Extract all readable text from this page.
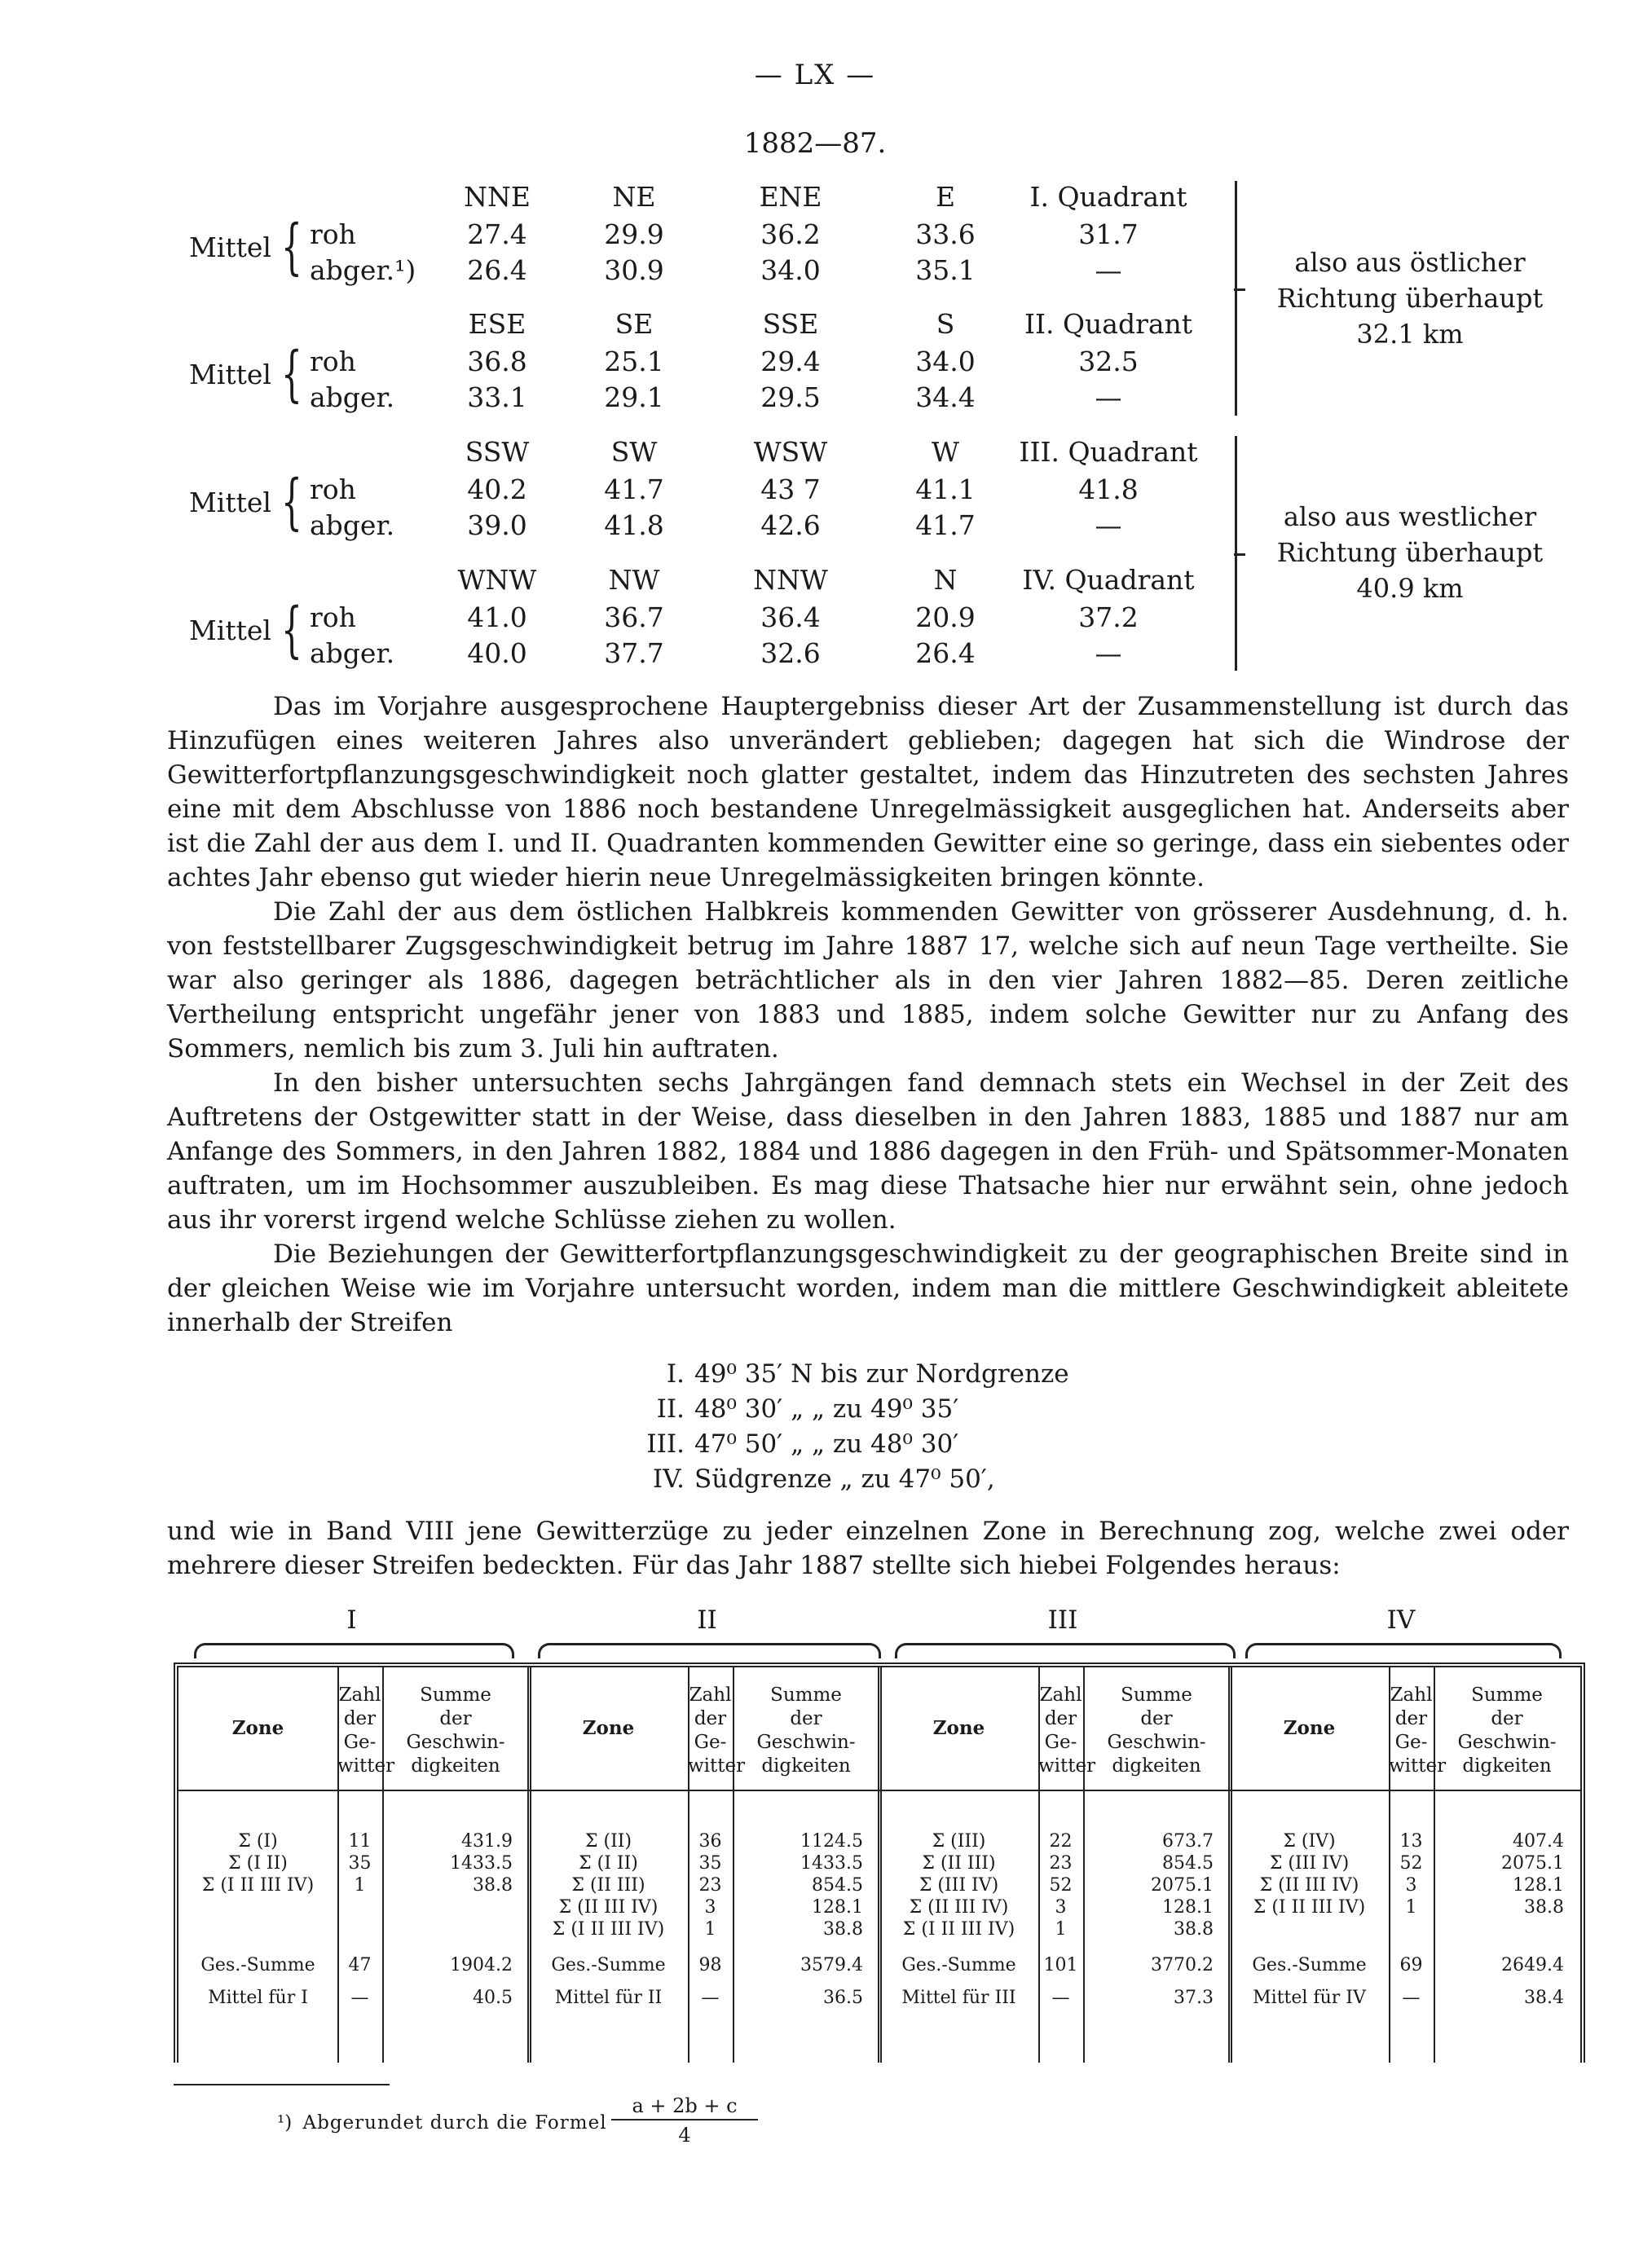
— LX —
1882—87.
NNE	NE	ENE	E	I. Quadrant
Mittel { roh	27.4	29.9	36.2	33.6	31.7
abger.¹)	26.4	30.9	34.0	35.1	—
ESE	SE	SSE	S	II. Quadrant
Mittel { roh	36.8	25.1	29.4	34.0	32.5
abger.	33.1	29.1	29.5	34.4	—
SSW	SW	WSW	W	III. Quadrant
Mittel { roh	40.2	41.7	43 7	41.1	41.8
abger.	39.0	41.8	42.6	41.7	—
WNW	NW	NNW	N	IV. Quadrant
Mittel { roh	41.0	36.7	36.4	20.9	37.2
abger.	40.0	37.7	32.6	26.4	—
also aus östlicher
Richtung überhaupt
32.1 km
also aus westlicher
Richtung überhaupt
40.9 km

Das im Vorjahre ausgesprochene Hauptergebniss dieser Art der Zusammenstellung ist durch das Hinzufügen eines weiteren Jahres also unverändert geblieben; dagegen hat sich die Windrose der Gewitterfortpflanzungsgeschwindigkeit noch glatter gestaltet, indem das Hinzutreten des sechsten Jahres eine mit dem Abschlusse von 1886 noch bestandene Unregelmässigkeit ausgeglichen hat. Anderseits aber ist die Zahl der aus dem I. und II. Quadranten kommenden Gewitter eine so geringe, dass ein siebentes oder achtes Jahr ebenso gut wieder hierin neue Unregelmässigkeiten bringen könnte.

Die Zahl der aus dem östlichen Halbkreis kommenden Gewitter von grösserer Ausdehnung, d. h. von feststellbarer Zugsgeschwindigkeit betrug im Jahre 1887 17, welche sich auf neun Tage vertheilte. Sie war also geringer als 1886, dagegen beträchtlicher als in den vier Jahren 1882—85. Deren zeitliche Vertheilung entspricht ungefähr jener von 1883 und 1885, indem solche Gewitter nur zu Anfang des Sommers, nemlich bis zum 3. Juli hin auftraten.

In den bisher untersuchten sechs Jahrgängen fand demnach stets ein Wechsel in der Zeit des Auftretens der Ostgewitter statt in der Weise, dass dieselben in den Jahren 1883, 1885 und 1887 nur am Anfange des Sommers, in den Jahren 1882, 1884 und 1886 dagegen in den Früh- und Spätsommer-Monaten auftraten, um im Hochsommer auszubleiben. Es mag diese Thatsache hier nur erwähnt sein, ohne jedoch aus ihr vorerst irgend welche Schlüsse ziehen zu wollen.

Die Beziehungen der Gewitterfortpflanzungsgeschwindigkeit zu der geographischen Breite sind in der gleichen Weise wie im Vorjahre untersucht worden, indem man die mittlere Geschwindigkeit ableitete innerhalb der Streifen

I. 49⁰ 35′ N bis zur Nordgrenze
II. 48⁰ 30′ „ „ zu 49⁰ 35′
III. 47⁰ 50′ „ „ zu 48⁰ 30′
IV. Südgrenze „ zu 47⁰ 50′,

und wie in Band VIII jene Gewitterzüge zu jeder einzelnen Zone in Berechnung zog, welche zwei oder mehrere dieser Streifen bedeckten. Für das Jahr 1887 stellte sich hiebei Folgendes heraus:

I	II	III	IV
Zone
Zahl
der
Ge-
witter
Summe
der
Geschwin-
digkeiten
Σ (I)	11	431.9
Σ (I II)	35	1433.5
Σ (I II III IV)	1	38.8
Ges.-Summe	47	1904.2
Mittel für I	—	40.5
Zone
Zahl
der
Ge-
witter
Summe
der
Geschwin-
digkeiten
Σ (II)	36	1124.5
Σ (I II)	35	1433.5
Σ (II III)	23	854.5
Σ (II III IV)	3	128.1
Σ (I II III IV)	1	38.8
Ges.-Summe	98	3579.4
Mittel für II	—	36.5
Zone
Zahl
der
Ge-
witter
Summe
der
Geschwin-
digkeiten
Σ (III)	22	673.7
Σ (II III)	23	854.5
Σ (III IV)	52	2075.1
Σ (II III IV)	3	128.1
Σ (I II III IV)	1	38.8
Ges.-Summe	101	3770.2
Mittel für III	—	37.3
Zone
Zahl
der
Ge-
witter
Summe
der
Geschwin-
digkeiten
Σ (IV)	13	407.4
Σ (III IV)	52	2075.1
Σ (II III IV)	3	128.1
Σ (I II III IV)	1	38.8
Ges.-Summe	69	2649.4
Mittel für IV	—	38.4
¹) Abgerundet durch die Formel $\frac{a + 2b + c}{4}$
